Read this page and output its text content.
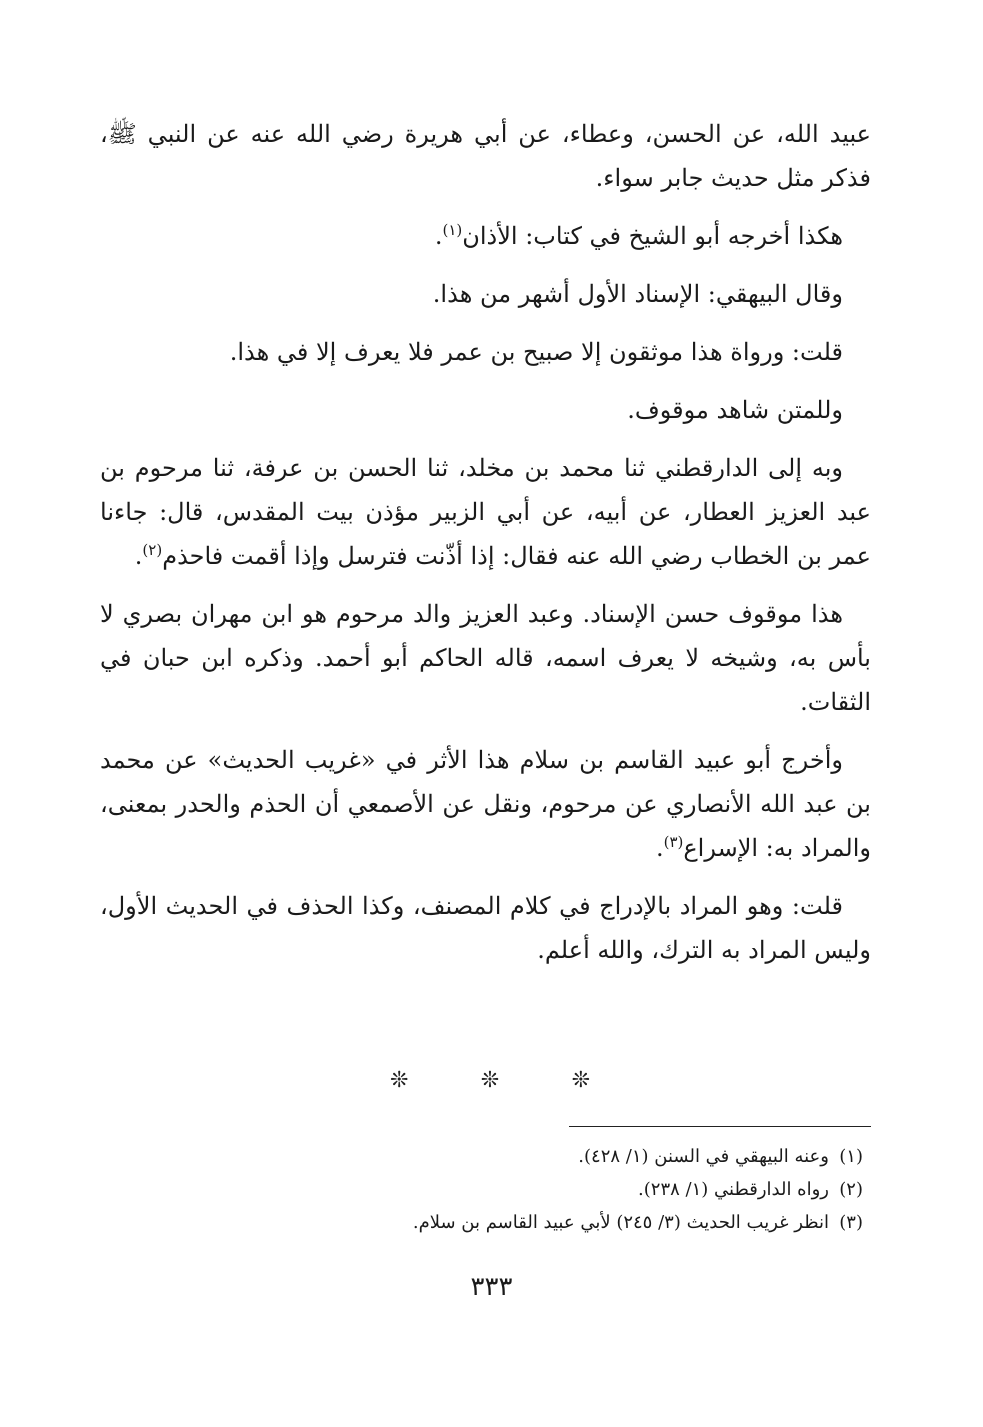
عبيد الله، عن الحسن، وعطاء، عن أبي هريرة رضي الله عنه عن النبي ﷺ، فذكر مثل حديث جابر سواء.

هكذا أخرجه أبو الشيخ في كتاب: الأذان$^{(١)}$.

وقال البيهقي: الإسناد الأول أشهر من هذا.

قلت: ورواة هذا موثقون إلا صبيح بن عمر فلا يعرف إلا في هذا.

وللمتن شاهد موقوف.

وبه إلى الدارقطني ثنا محمد بن مخلد، ثنا الحسن بن عرفة، ثنا مرحوم بن عبد العزيز العطار، عن أبيه، عن أبي الزبير مؤذن بيت المقدس، قال: جاءنا عمر بن الخطاب رضي الله عنه فقال: إذا أذّنت فترسل وإذا أقمت فاحذم$^{(٢)}$.

هذا موقوف حسن الإسناد. وعبد العزيز والد مرحوم هو ابن مهران بصري لا بأس به، وشيخه لا يعرف اسمه، قاله الحاكم أبو أحمد. وذكره ابن حبان في الثقات.

وأخرج أبو عبيد القاسم بن سلام هذا الأثر في «غريب الحديث» عن محمد بن عبد الله الأنصاري عن مرحوم، ونقل عن الأصمعي أن الحذم والحدر بمعنى، والمراد به: الإسراع$^{(٣)}$.

قلت: وهو المراد بالإدراج في كلام المصنف، وكذا الحذف في الحديث الأول، وليس المراد به الترك، والله أعلم.

❊	❊	❊

(١)وعنه البيهقي في السنن (١/ ٤٢٨).

(٢)رواه الدارقطني (١/ ٢٣٨).

(٣)انظر غريب الحديث (٣/ ٢٤٥) لأبي عبيد القاسم بن سلام.

٣٣٣
